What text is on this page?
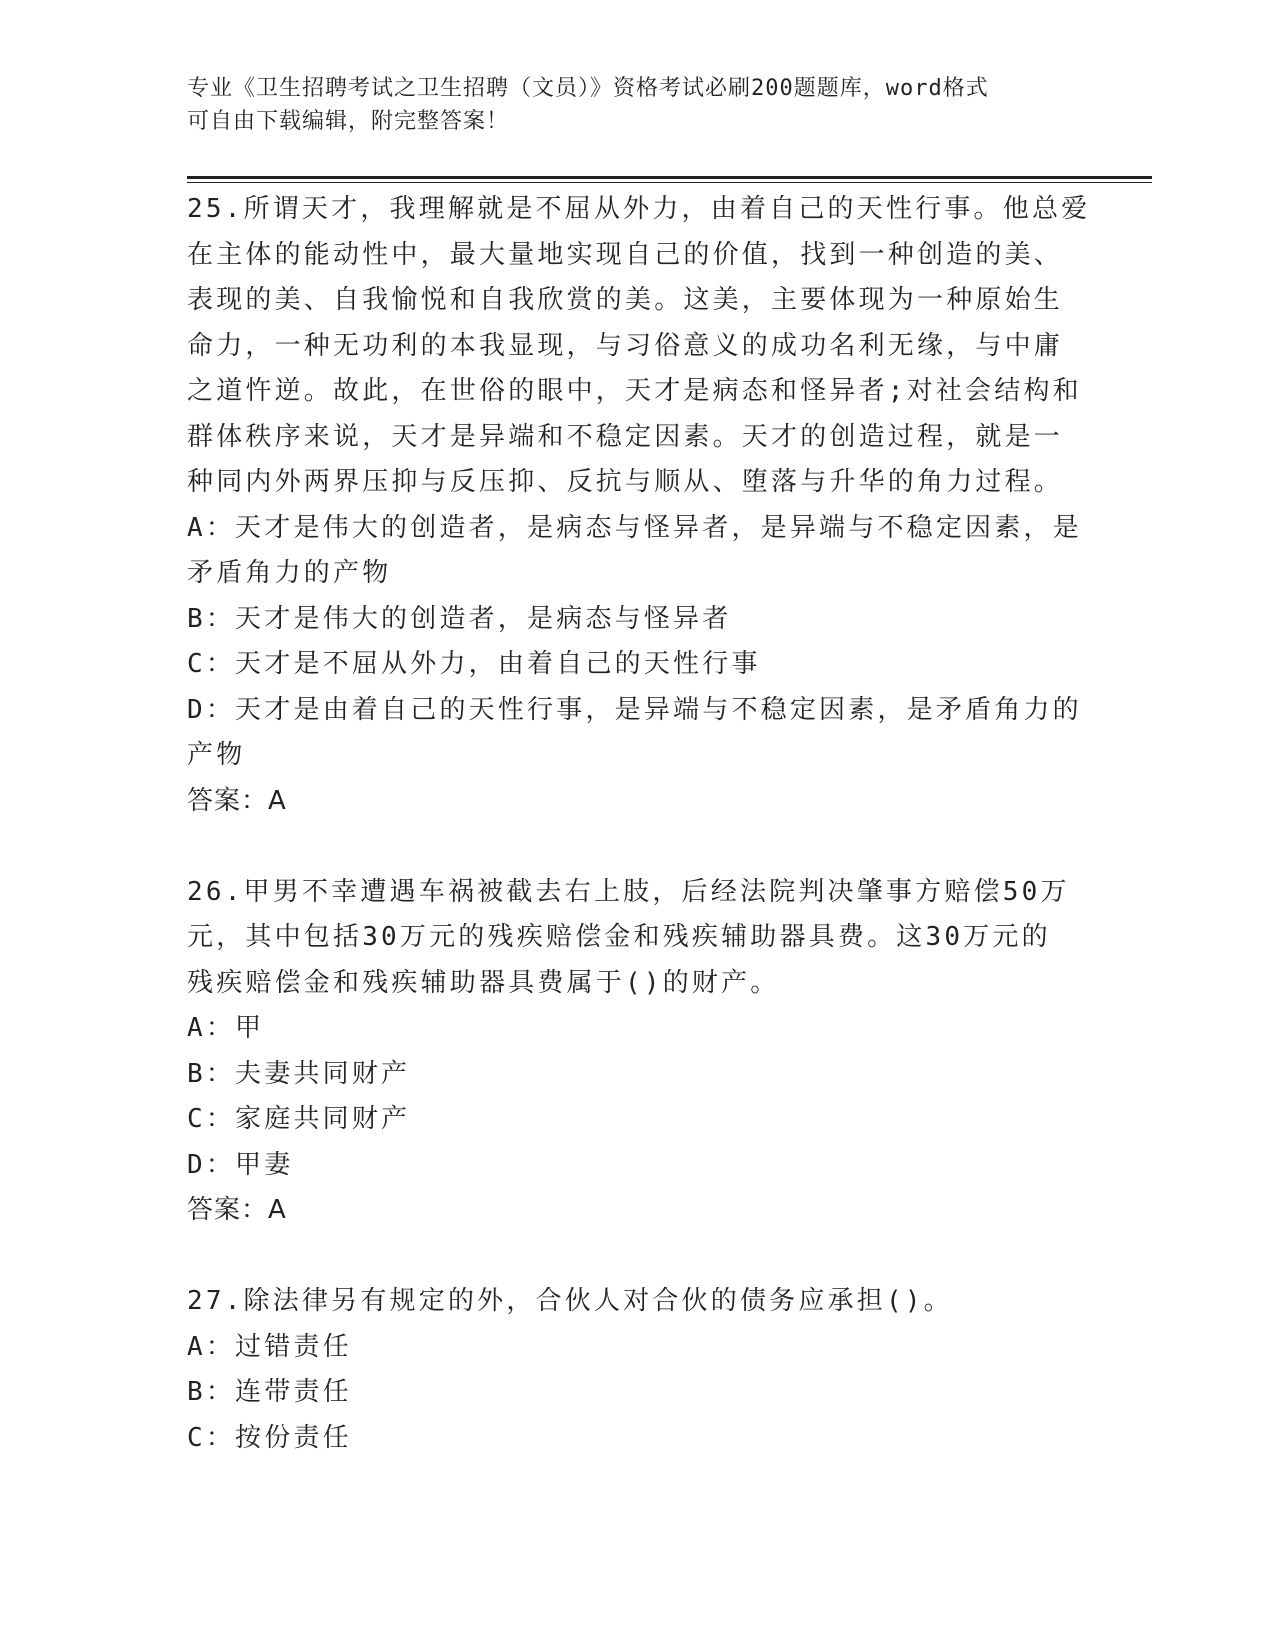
专业《卫生招聘考试之卫生招聘（文员）》资格考试必刷200题题库，word格式
可自由下载编辑，附完整答案！
25.所谓天才，我理解就是不屈从外力，由着自己的天性行事。他总爱
在主体的能动性中，最大量地实现自己的价值，找到一种创造的美、
表现的美、自我愉悦和自我欣赏的美。这美，主要体现为一种原始生
命力，一种无功利的本我显现，与习俗意义的成功名利无缘，与中庸
之道忤逆。故此，在世俗的眼中，天才是病态和怪异者;对社会结构和
群体秩序来说，天才是异端和不稳定因素。天才的创造过程，就是一
种同内外两界压抑与反压抑、反抗与顺从、堕落与升华的角力过程。
A：天才是伟大的创造者，是病态与怪异者，是异端与不稳定因素，是
矛盾角力的产物
B：天才是伟大的创造者，是病态与怪异者
C：天才是不屈从外力，由着自己的天性行事
D：天才是由着自己的天性行事，是异端与不稳定因素，是矛盾角力的
产物
答案：A
26.甲男不幸遭遇车祸被截去右上肢，后经法院判决肇事方赔偿50万
元，其中包括30万元的残疾赔偿金和残疾辅助器具费。这30万元的
残疾赔偿金和残疾辅助器具费属于()的财产。
A：甲
B：夫妻共同财产
C：家庭共同财产
D：甲妻
答案：A
27.除法律另有规定的外，合伙人对合伙的债务应承担()。
A：过错责任
B：连带责任
C：按份责任
